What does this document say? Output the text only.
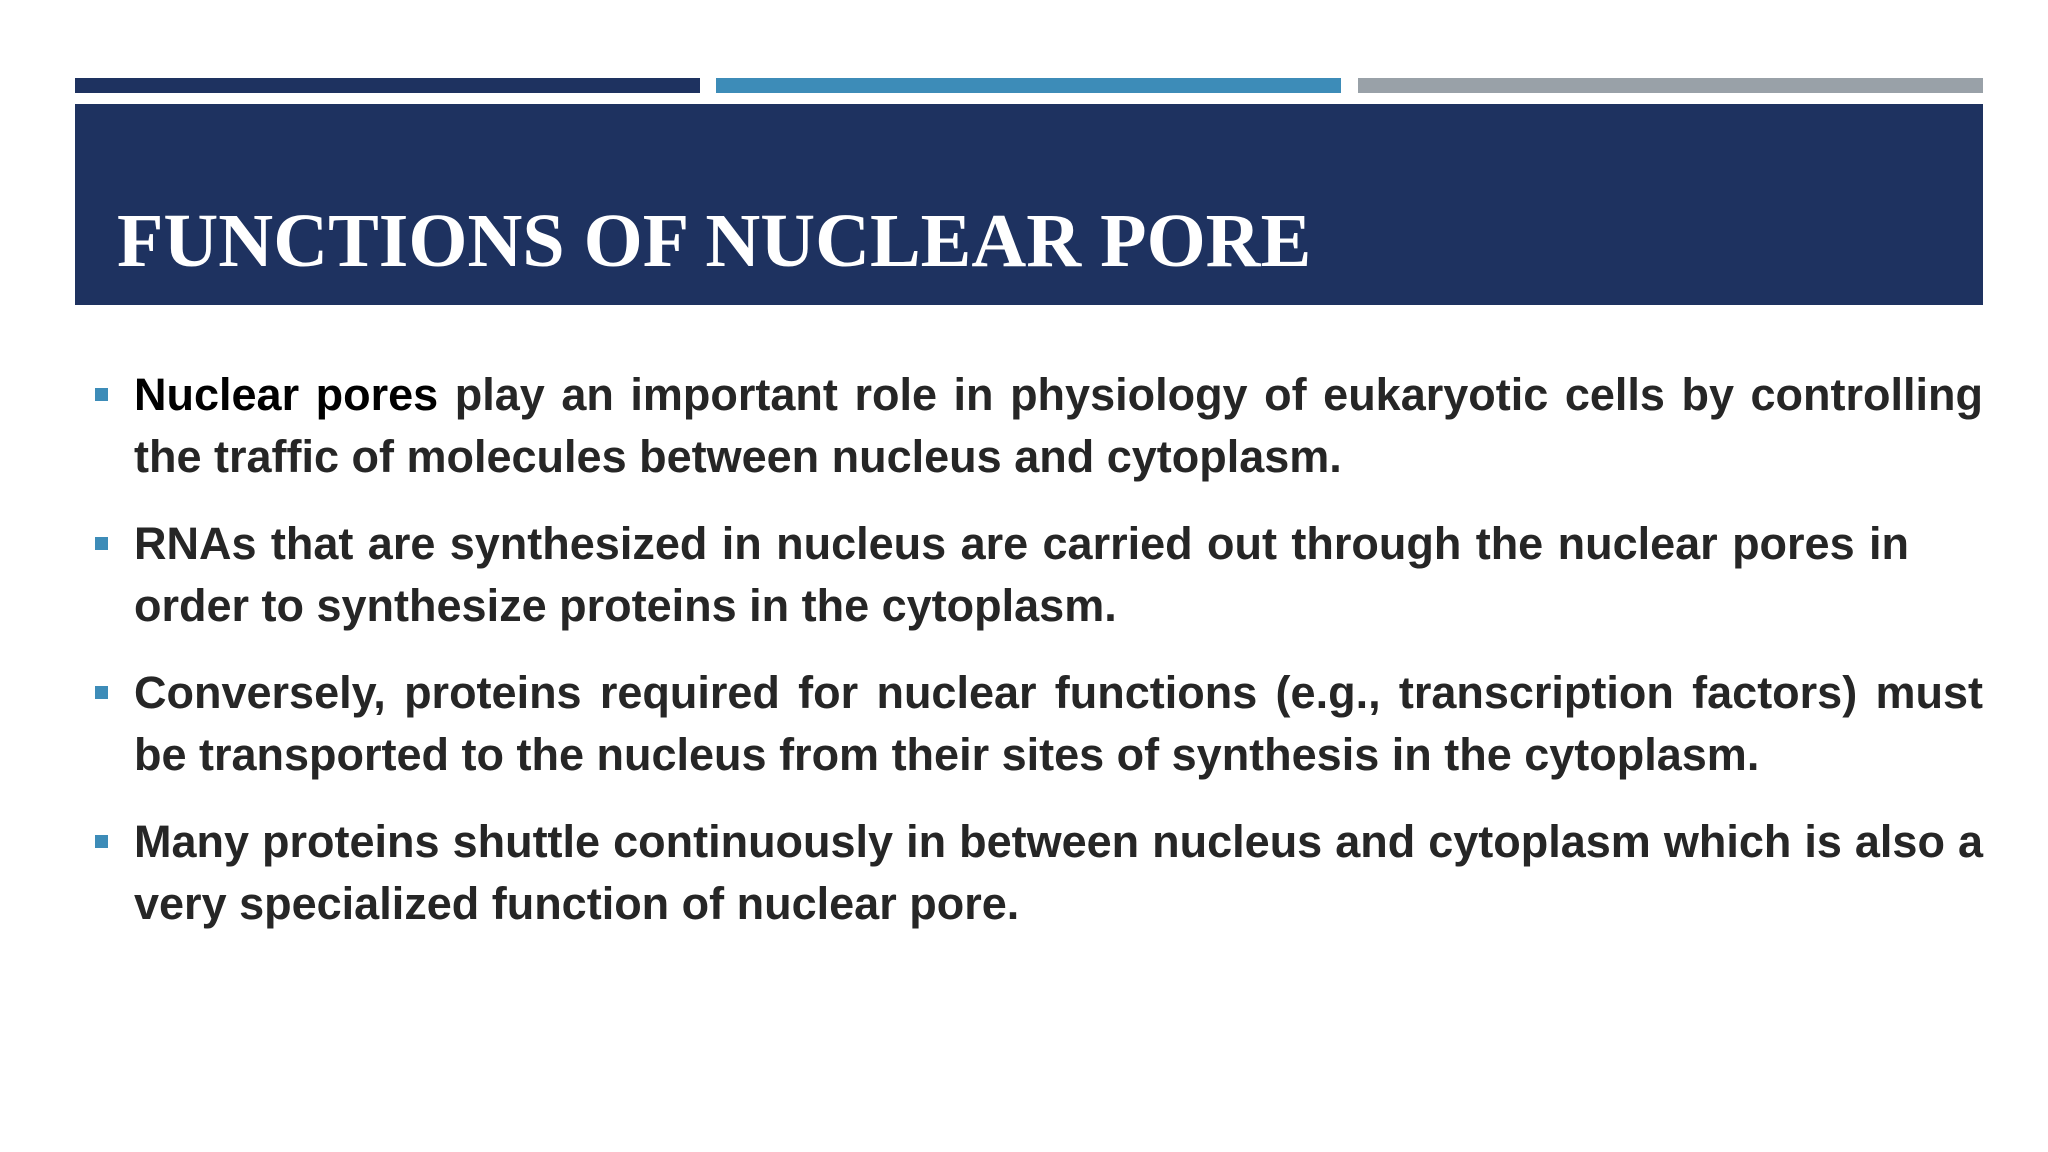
FUNCTIONS OF NUCLEAR PORE

Nuclear pores play an important role in physiology of eukaryotic cells by controlling the traffic of molecules between nucleus and cytoplasm.

RNAs that are synthesized in nucleus are carried out through the nuclear pores in order to synthesize proteins in the cytoplasm.

Conversely, proteins required for nuclear functions (e.g., transcription factors) must be transported to the nucleus from their sites of synthesis in the cytoplasm.

Many proteins shuttle continuously in between nucleus and cytoplasm which is also a very specialized function of nuclear pore.
